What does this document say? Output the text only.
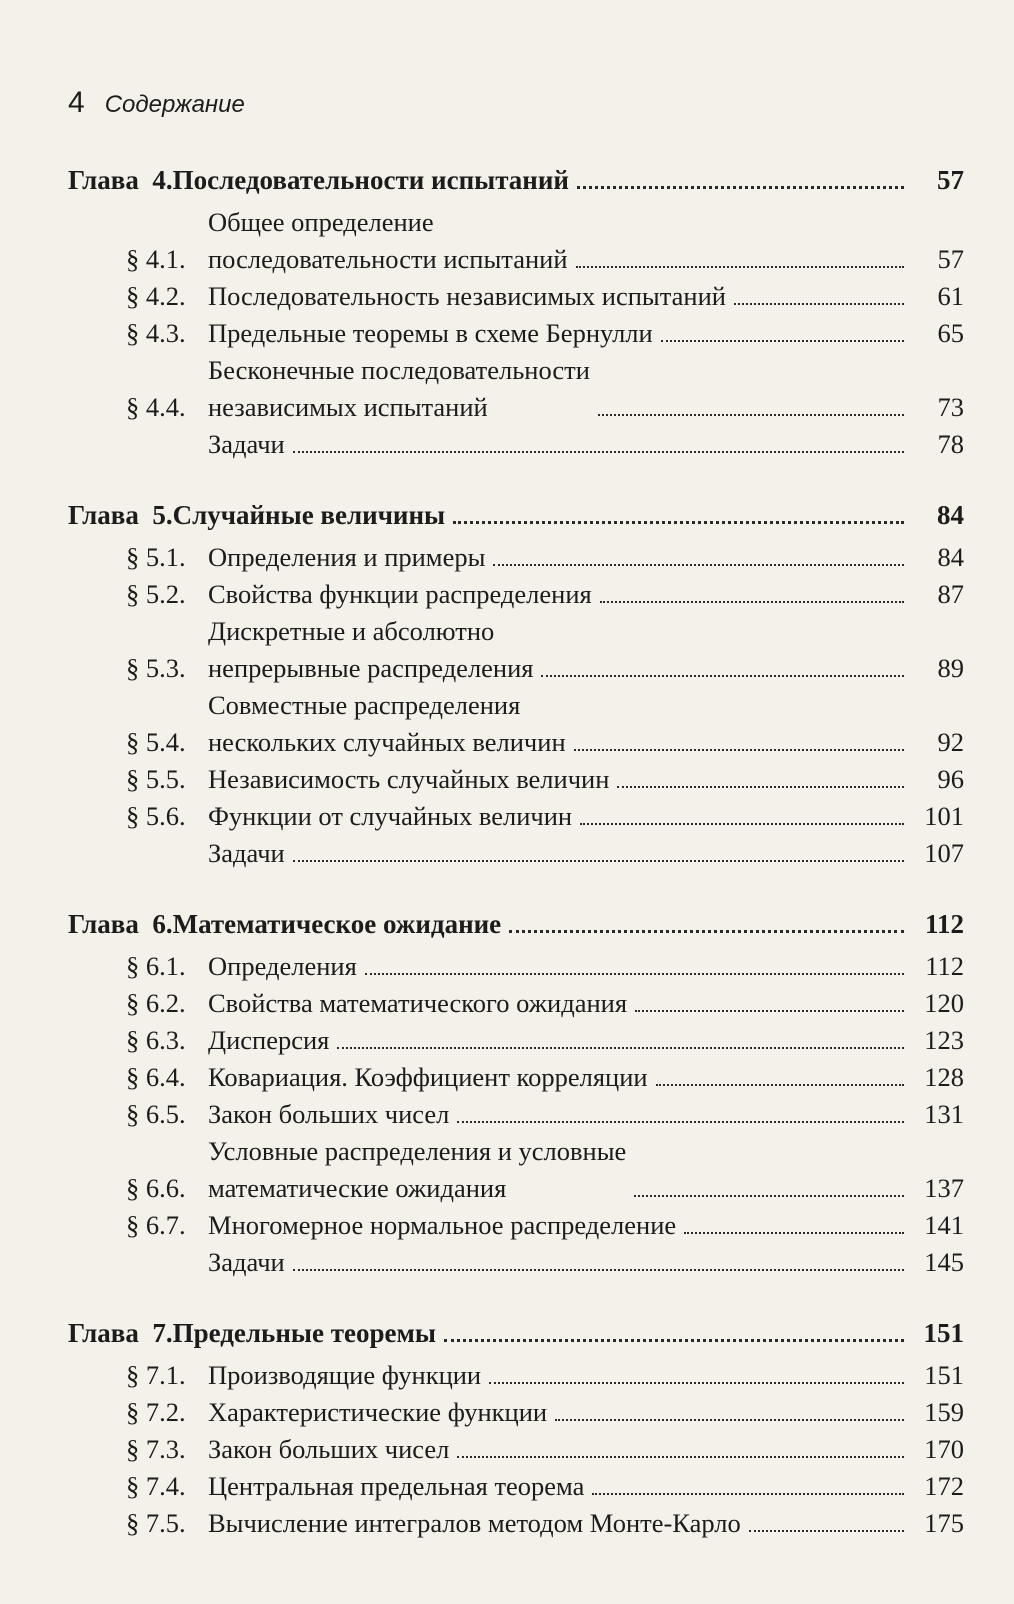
4 Содержание
Глава  4. Последовательности испытаний	57
§ 4.1.
Общее определение
последовательности испытаний	57
§ 4.2. Последовательность независимых испытаний	61
§ 4.3. Предельные теоремы в схеме Бернулли	65
§ 4.4.
Бесконечные последовательности
независимых испытаний	73
Задачи	78
Глава  5. Случайные величины	84
§ 5.1. Определения и примеры	84
§ 5.2. Свойства функции распределения	87
§ 5.3.
Дискретные и абсолютно
непрерывные распределения	89
§ 5.4.
Совместные распределения
нескольких случайных величин	92
§ 5.5. Независимость случайных величин	96
§ 5.6. Функции от случайных величин	101
Задачи	107
Глава  6. Математическое ожидание	112
§ 6.1. Определения	112
§ 6.2. Свойства математического ожидания	120
§ 6.3. Дисперсия	123
§ 6.4. Ковариация. Коэффициент корреляции	128
§ 6.5. Закон больших чисел	131
§ 6.6.
Условные распределения и условные
математические ожидания	137
§ 6.7. Многомерное нормальное распределение	141
Задачи	145
Глава  7. Предельные теоремы	151
§ 7.1. Производящие функции	151
§ 7.2. Характеристические функции	159
§ 7.3. Закон больших чисел	170
§ 7.4. Центральная предельная теорема	172
§ 7.5. Вычисление интегралов методом Монте-Карло	175
